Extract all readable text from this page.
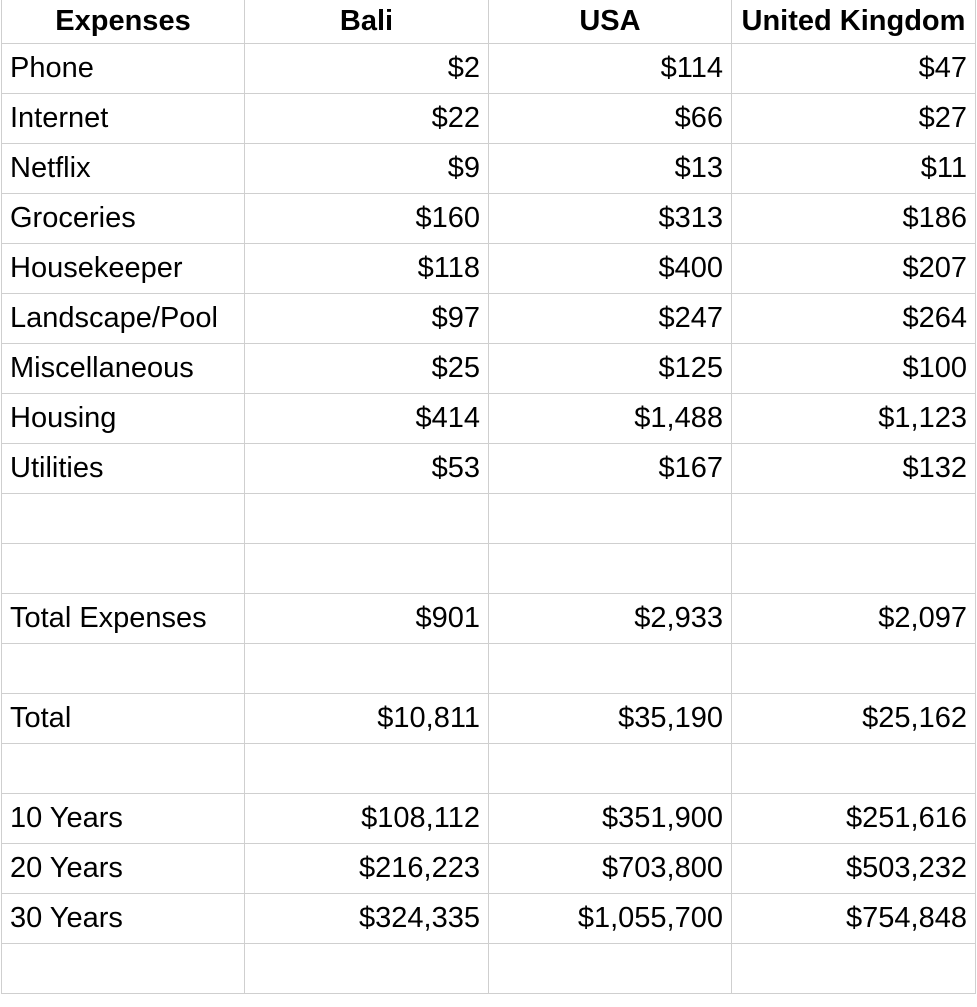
Expenses	Bali	USA	United Kingdom
Phone	$2	$114	$47
Internet	$22	$66	$27
Netflix	$9	$13	$11
Groceries	$160	$313	$186
Housekeeper	$118	$400	$207
Landscape/Pool	$97	$247	$264
Miscellaneous	$25	$125	$100
Housing	$414	$1,488	$1,123
Utilities	$53	$167	$132

Total Expenses	$901	$2,933	$2,097

Total	$10,811	$35,190	$25,162

10 Years	$108,112	$351,900	$251,616
20 Years	$216,223	$703,800	$503,232
30 Years	$324,335	$1,055,700	$754,848
